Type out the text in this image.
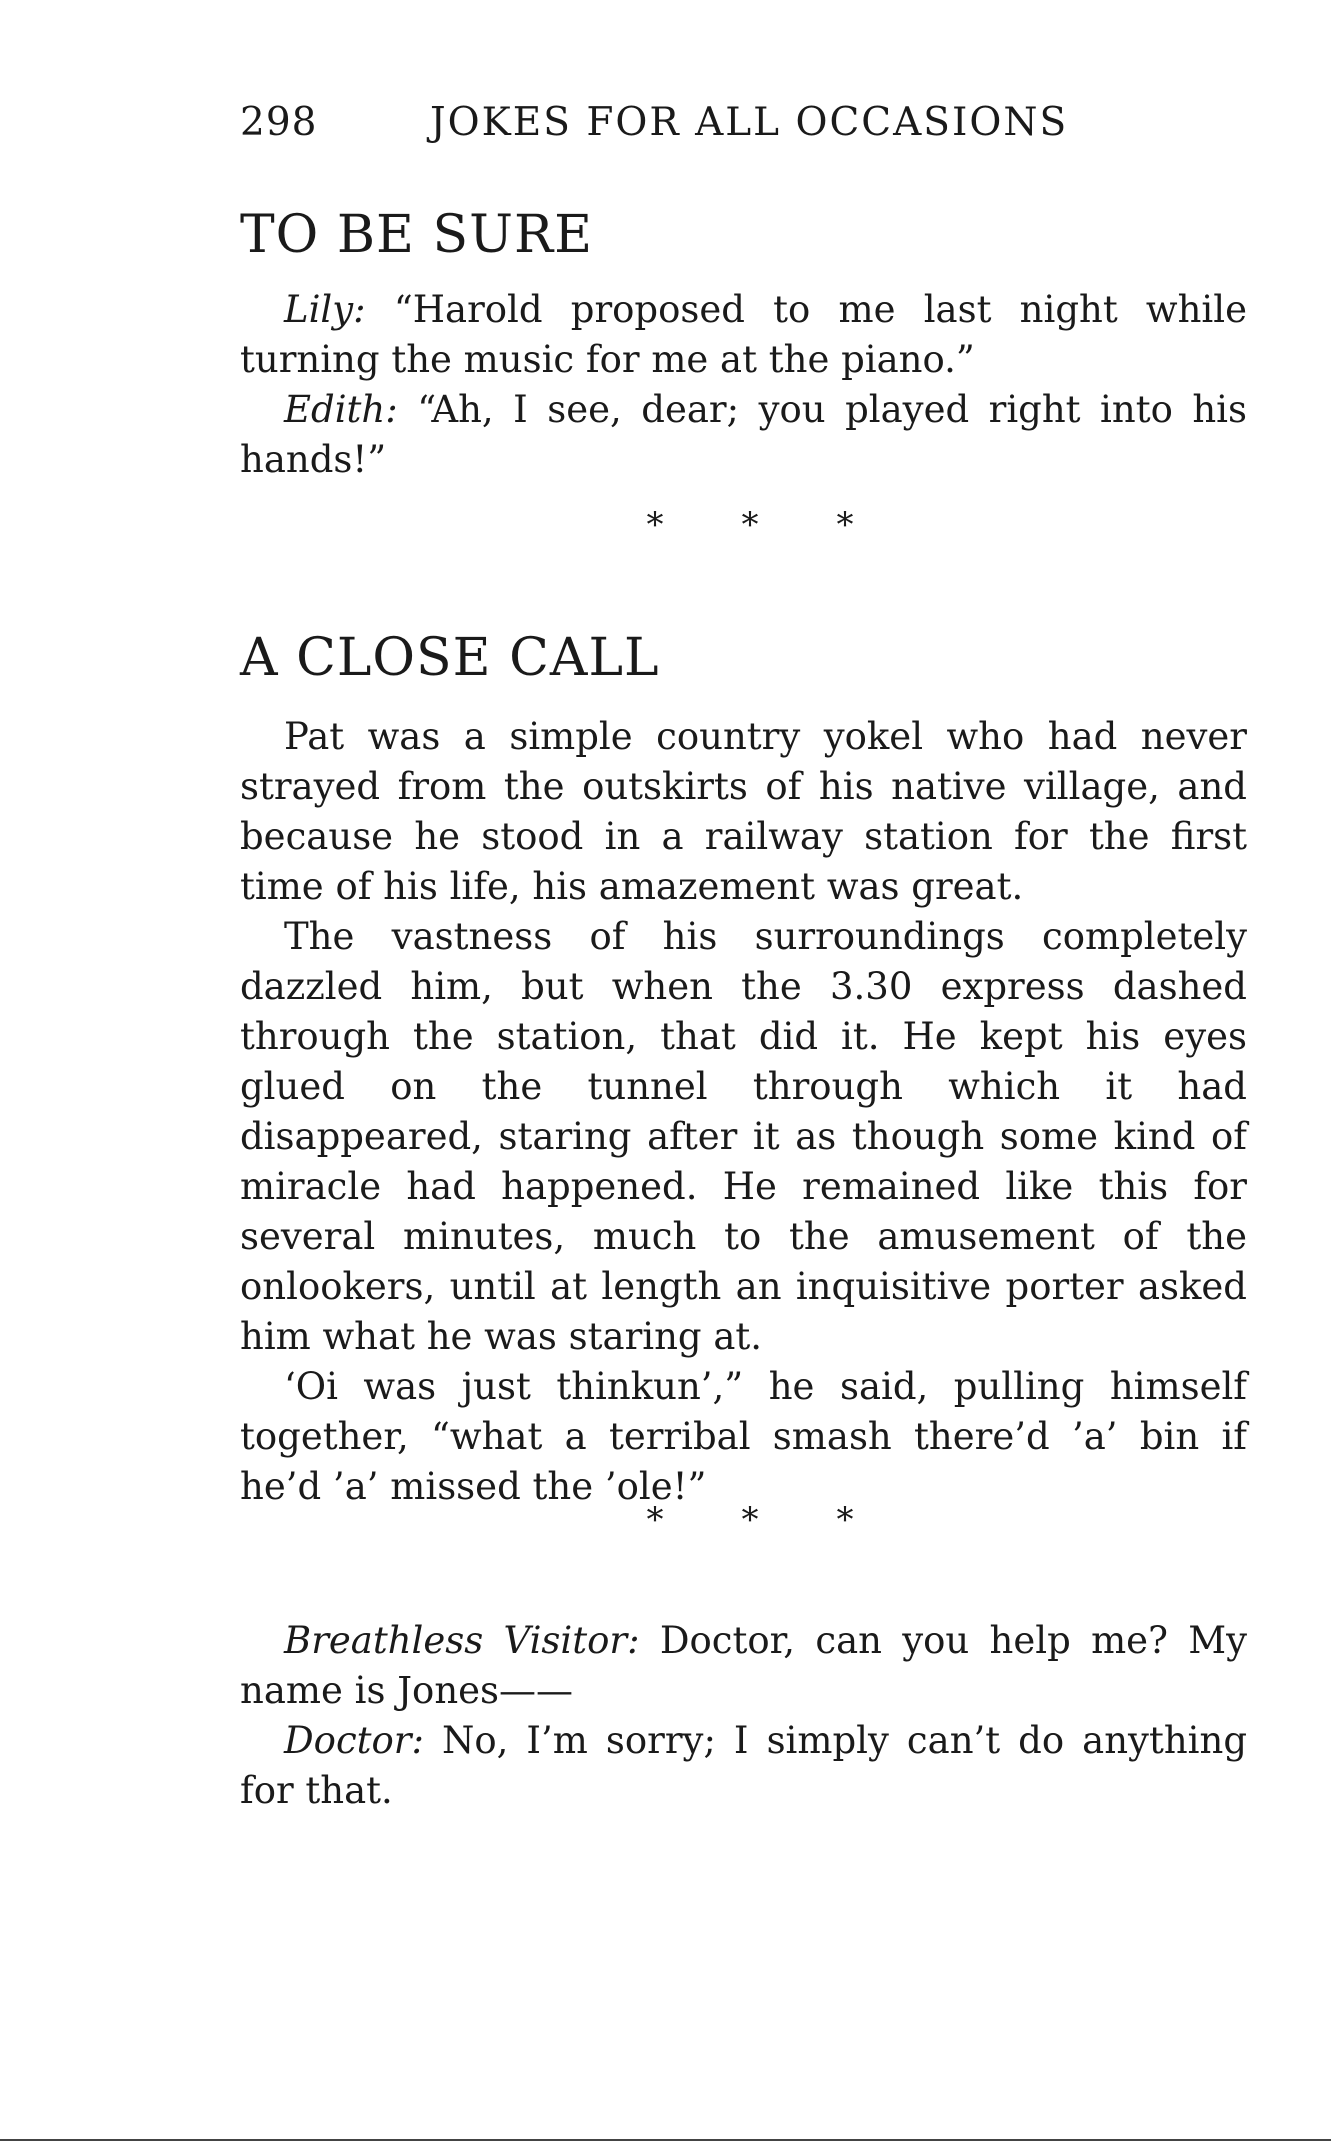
298	JOKES FOR ALL OCCASIONS
TO BE SURE

Lily: “Harold proposed to me last night while turning the music for me at the piano.”

Edith: “Ah, I see, dear; you played right into his hands!”

* * *
A CLOSE CALL

Pat was a simple country yokel who had never strayed from the outskirts of his native village, and because he stood in a railway station for the first time of his life, his amazement was great.

The vastness of his surroundings completely dazzled him, but when the 3.30 express dashed through the station, that did it. He kept his eyes glued on the tunnel through which it had disappeared, staring after it as though some kind of miracle had happened. He remained like this for several minutes, much to the amusement of the onlookers, until at length an inquisitive porter asked him what he was staring at.

‘Oi was just thinkun’,” he said, pulling himself together, “what a terribal smash there’d ’a’ bin if he’d ’a’ missed the ’ole!”

* * *

Breathless Visitor: Doctor, can you help me? My name is Jones——

Doctor: No, I’m sorry; I simply can’t do anything for that.
